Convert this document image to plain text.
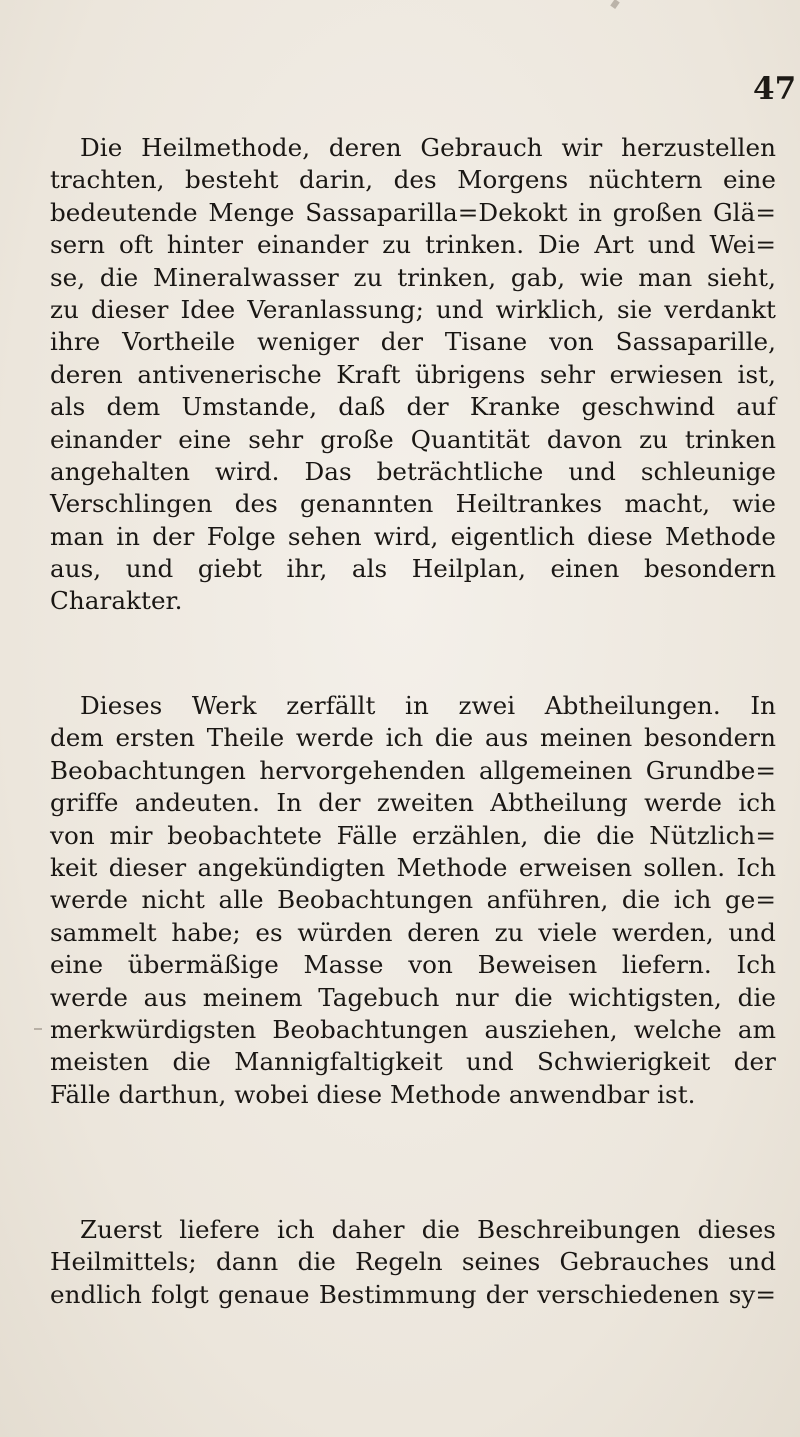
47
Die Heilmethode, deren Gebrauch wir herzustellen
trachten, besteht darin, des Morgens nüchtern eine
bedeutende Menge Sassaparilla=Dekokt in großen Glä=
sern oft hinter einander zu trinken. Die Art und Wei=
se, die Mineralwasser zu trinken, gab, wie man sieht,
zu dieser Idee Veranlassung; und wirklich, sie verdankt
ihre Vortheile weniger der Tisane von Sassaparille,
deren antivenerische Kraft übrigens sehr erwiesen ist,
als dem Umstande, daß der Kranke geschwind auf
einander eine sehr große Quantität davon zu trinken
angehalten wird. Das beträchtliche und schleunige
Verschlingen des genannten Heiltrankes macht, wie
man in der Folge sehen wird, eigentlich diese Methode
aus, und giebt ihr, als Heilplan, einen besondern
Charakter.
Dieses Werk zerfällt in zwei Abtheilungen. In
dem ersten Theile werde ich die aus meinen besondern
Beobachtungen hervorgehenden allgemeinen Grundbe=
griffe andeuten. In der zweiten Abtheilung werde ich
von mir beobachtete Fälle erzählen, die die Nützlich=
keit dieser angekündigten Methode erweisen sollen. Ich
werde nicht alle Beobachtungen anführen, die ich ge=
sammelt habe; es würden deren zu viele werden, und
eine übermäßige Masse von Beweisen liefern. Ich
werde aus meinem Tagebuch nur die wichtigsten, die
merkwürdigsten Beobachtungen ausziehen, welche am
meisten die Mannigfaltigkeit und Schwierigkeit der
Fälle darthun, wobei diese Methode anwendbar ist.
Zuerst liefere ich daher die Beschreibungen dieses
Heilmittels; dann die Regeln seines Gebrauches und
endlich folgt genaue Bestimmung der verschiedenen sy=
